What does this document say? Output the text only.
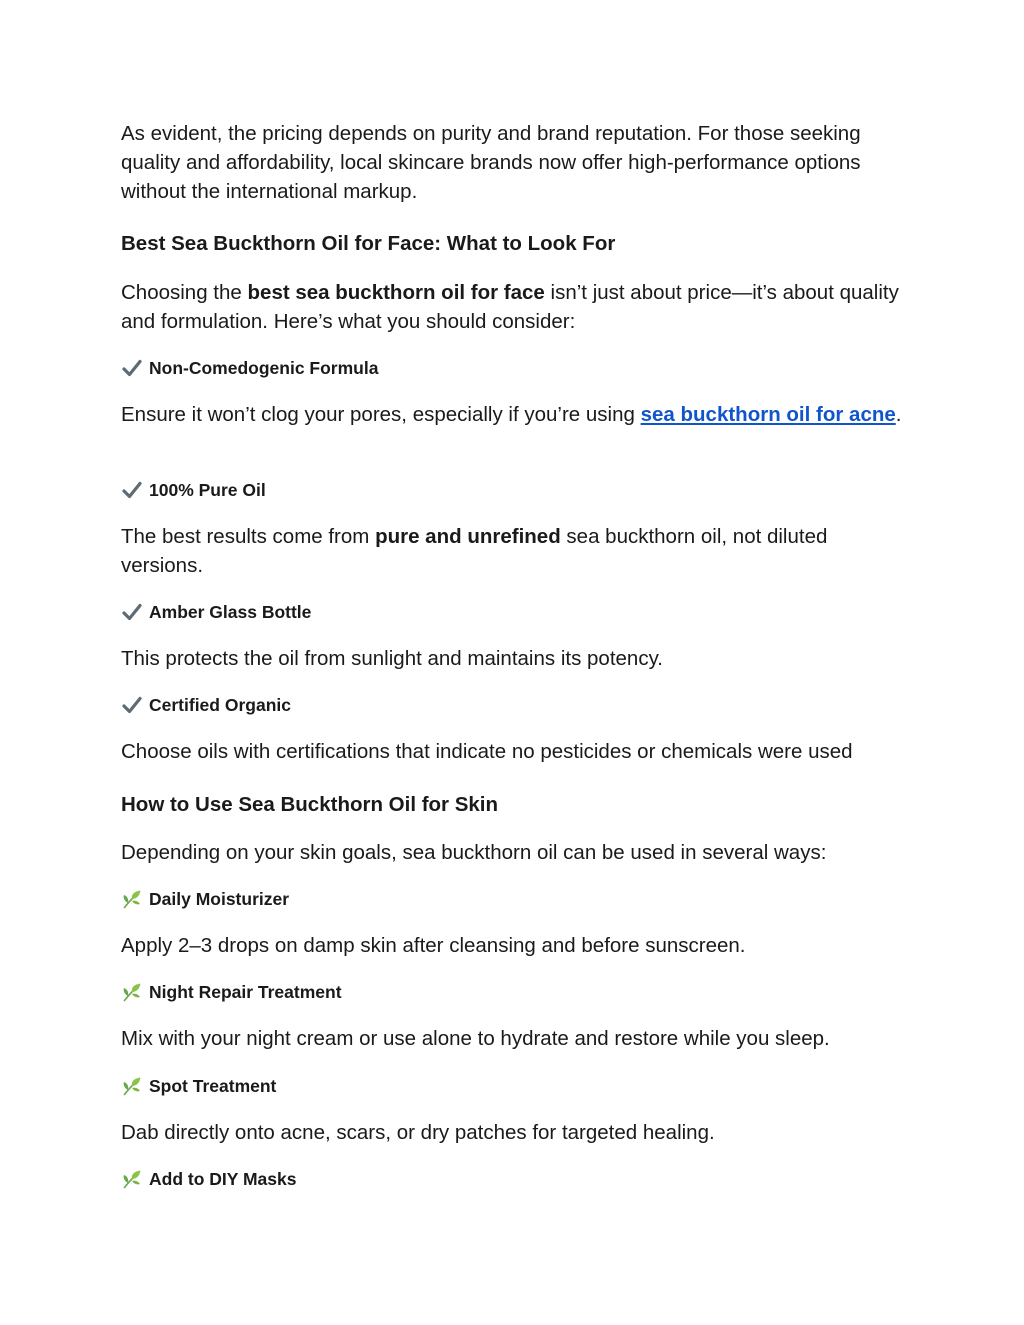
As evident, the pricing depends on purity and brand reputation. For those seeking quality and affordability, local skincare brands now offer high-performance options without the international markup.

Best Sea Buckthorn Oil for Face: What to Look For

Choosing the best sea buckthorn oil for face isn’t just about price—it’s about quality and formulation. Here’s what you should consider:

Non-Comedogenic Formula

Ensure it won’t clog your pores, especially if you’re using sea buckthorn oil for acne.

100% Pure Oil

The best results come from pure and unrefined sea buckthorn oil, not diluted versions.

Amber Glass Bottle

This protects the oil from sunlight and maintains its potency.

Certified Organic

Choose oils with certifications that indicate no pesticides or chemicals were used

How to Use Sea Buckthorn Oil for Skin

Depending on your skin goals, sea buckthorn oil can be used in several ways:

Daily Moisturizer

Apply 2–3 drops on damp skin after cleansing and before sunscreen.

Night Repair Treatment

Mix with your night cream or use alone to hydrate and restore while you sleep.

Spot Treatment

Dab directly onto acne, scars, or dry patches for targeted healing.

Add to DIY Masks
